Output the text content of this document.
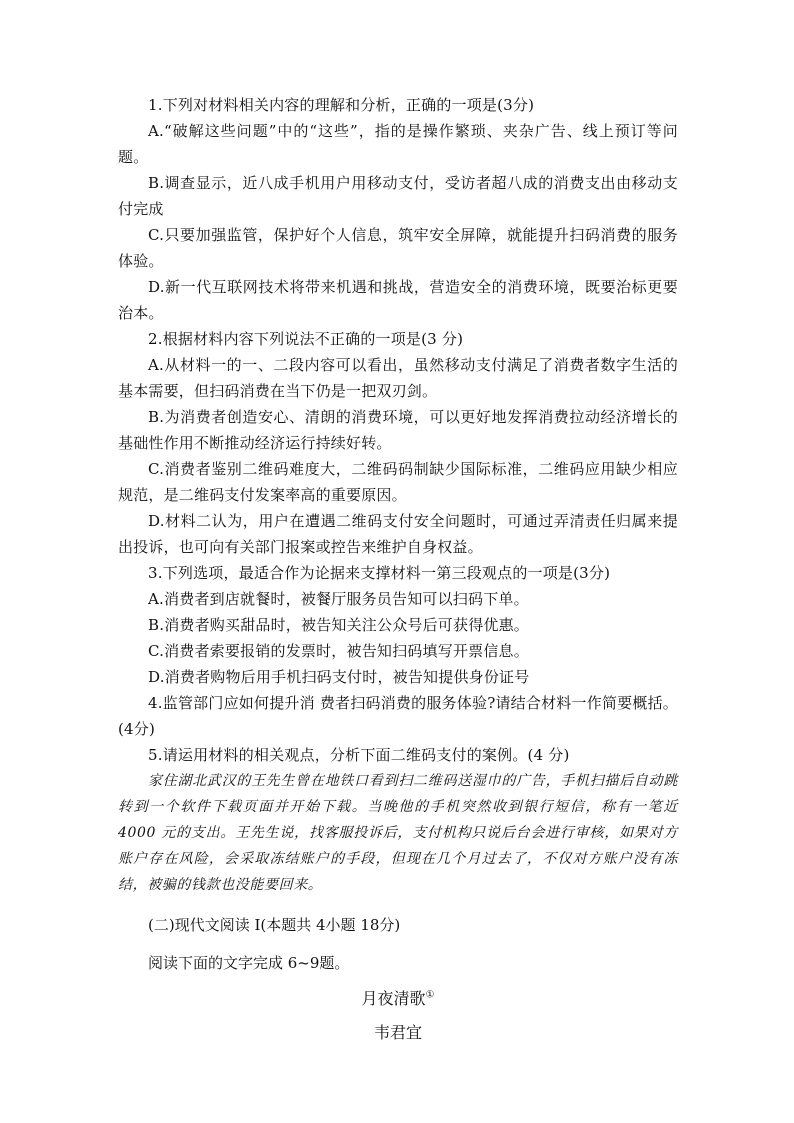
1.下列对材料相关内容的理解和分析，正确的一项是(3分)

A.“破解这些问题”中的“这些”，指的是操作繁琐、夹杂广告、线上预订等问题。

B.调查显示，近八成手机用户用移动支付，受访者超八成的消费支出由移动支付完成

C.只要加强监管，保护好个人信息，筑牢安全屏障，就能提升扫码消费的服务体验。

D.新一代互联网技术将带来机遇和挑战，营造安全的消费环境，既要治标更要治本。

2.根据材料内容下列说法不正确的一项是(3 分)

A.从材料一的一、二段内容可以看出，虽然移动支付满足了消费者数字生活的基本需要，但扫码消费在当下仍是一把双刃剑。

B.为消费者创造安心、清朗的消费环境，可以更好地发挥消费拉动经济增长的基础性作用不断推动经济运行持续好转。

C.消费者鉴别二维码难度大，二维码码制缺少国际标准，二维码应用缺少相应规范，是二维码支付发案率高的重要原因。

D.材料二认为，用户在遭遇二维码支付安全问题时，可通过弄清责任归属来提出投诉，也可向有关部门报案或控告来维护自身权益。

3.下列选项，最适合作为论据来支撑材料一第三段观点的一项是(3分)

A.消费者到店就餐时，被餐厅服务员告知可以扫码下单。

B.消费者购买甜品时，被告知关注公众号后可获得优惠。

C.消费者索要报销的发票时，被告知扫码填写开票信息。

D.消费者购物后用手机扫码支付时，被告知提供身份证号

4.监管部门应如何提升消 费者扫码消费的服务体验?请结合材料一作简要概括。(4分)

5.请运用材料的相关观点，分析下面二维码支付的案例。(4 分)

家住湖北武汉的王先生曾在地铁口看到扫二维码送湿巾的广告，手机扫描后自动跳转到一个软件下载页面并开始下载。当晚他的手机突然收到银行短信，称有一笔近 4000 元的支出。王先生说，找客服投诉后，支付机构只说后台会进行审核，如果对方账户存在风险，会采取冻结账户的手段，但现在几个月过去了，不仅对方账户没有冻结，被骗的钱款也没能要回来。

(二)现代文阅读 I(本题共 4小题 18分)

阅读下面的文字完成 6~9题。

月夜清歌①

韦君宜
